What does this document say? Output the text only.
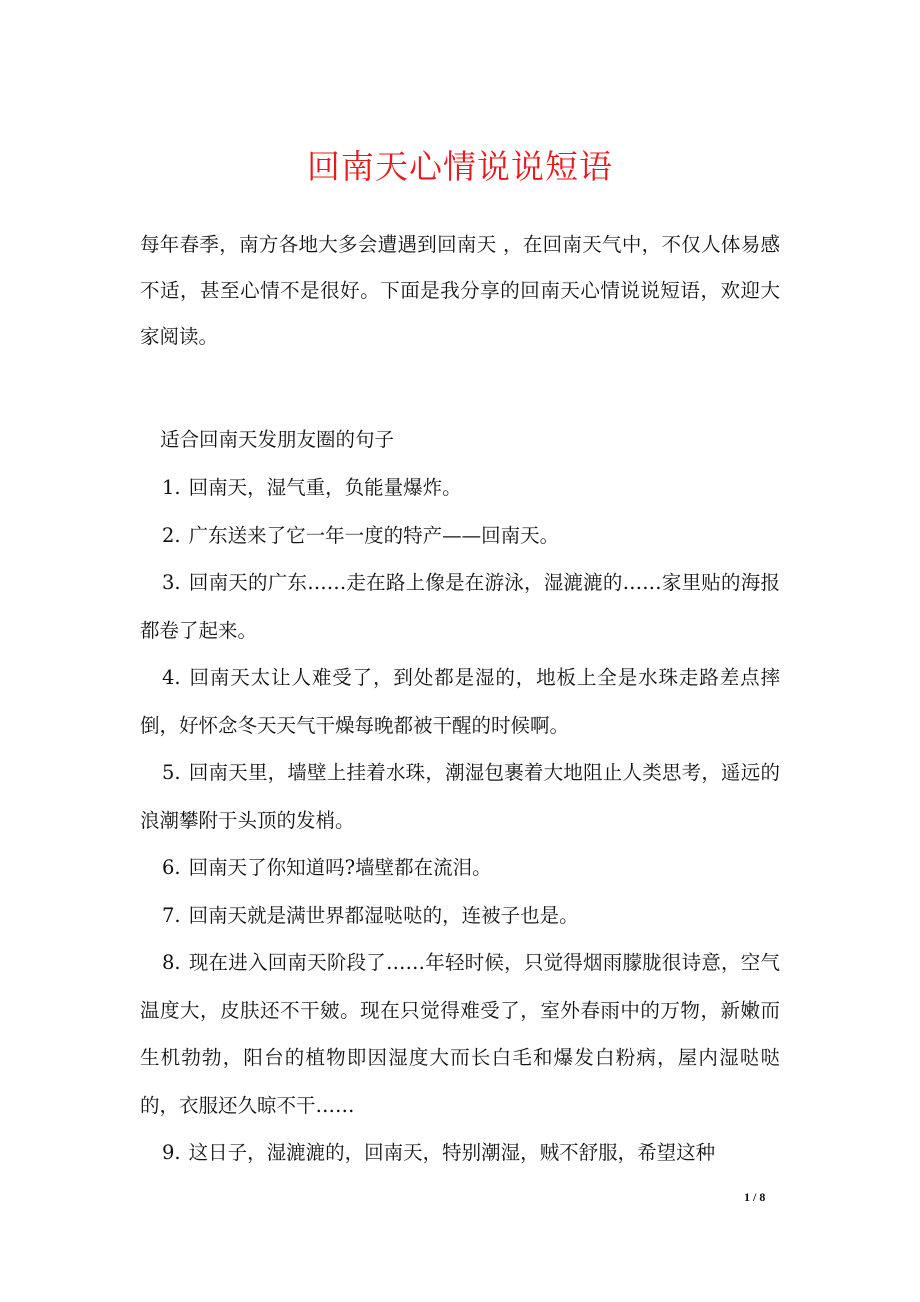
回南天心情说说短语
每年春季，南方各地大多会遭遇到回南天 ，在回南天气中，不仅人体易感不适，甚至心情不是很好。下面是我分享的回南天心情说说短语，欢迎大家阅读。
适合回南天发朋友圈的句子

1. 回南天，湿气重，负能量爆炸。

2. 广东送来了它一年一度的特产——回南天。

3. 回南天的广东……走在路上像是在游泳，湿漉漉的……家里贴的海报都卷了起来。

4. 回南天太让人难受了，到处都是湿的，地板上全是水珠走路差点摔倒，好怀念冬天天气干燥每晚都被干醒的时候啊。

5. 回南天里，墙壁上挂着水珠，潮湿包裹着大地阻止人类思考，遥远的浪潮攀附于头顶的发梢。

6. 回南天了你知道吗?墙壁都在流泪。

7. 回南天就是满世界都湿哒哒的，连被子也是。

8. 现在进入回南天阶段了……年轻时候，只觉得烟雨朦胧很诗意，空气温度大，皮肤还不干皴。现在只觉得难受了，室外春雨中的万物，新嫩而生机勃勃，阳台的植物即因湿度大而长白毛和爆发白粉病，屋内湿哒哒的，衣服还久晾不干……

9. 这日子，湿漉漉的，回南天，特别潮湿，贼不舒服，希望这种

1 / 8
